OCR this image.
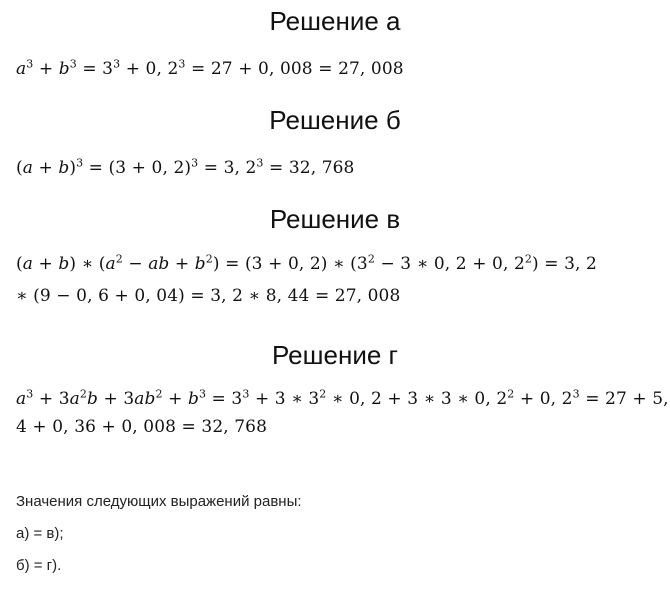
Решение а
$a^3 + b^3 = 3^3 + 0$, $2^3 = 27 + 0$, 008 = 27, 008
Решение б
$(a + b)^3 = (3 + 0$, 2)$^3$ = 3, $2^3 = 32$, 768
Решение в
(a + b) ∗ ($a^2$ − ab + $b^2) = (3 + 0$, 2) ∗ ($3^2 - 3$ ∗ 0, 2 + 0, $2^2) = 3$, 2
∗ (9 − 0, 6 + 0, 04) = 3, 2 ∗ 8, 44 = 27, 008
Решение г
$a^3 + 3a^2b + 3ab^2 + b^3 = 3^3 + 3$ ∗ $3^2$ ∗ 0, 2 + 3 ∗ 3 ∗ 0, $2^2 + 0$, $2^3 = 27 + 5$,
4 + 0, 36 + 0, 008 = 32, 768
Значения следующих выражений равны:
а) = в);
б) = г).
